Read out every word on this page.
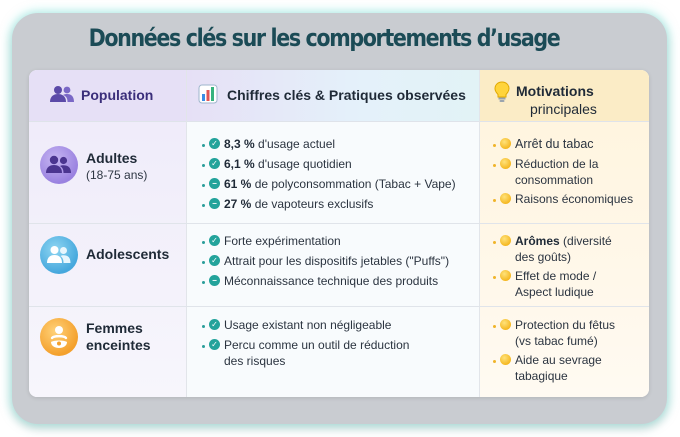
Données clés sur les comportements d’usage
Population	Chiffres clés & Pratiques observées	Motivations
principales
Adultes
(18-75 ans)
✓ 8,3 % d'usage actuel
✓ 6,1 % d'usage quotidien
− 61 % de polyconsommation (Tabac + Vape)
− 27 % de vapoteurs exclusifs
Arrêt du tabac
Réduction de la
consommation
Raisons économiques
Adolescents
✓ Forte expérimentation
✓ Attrait pour les dispositifs jetables ("Puffs")
− Méconnaissance technique des produits
Arômes (diversité
des goûts)
Effet de mode /
Aspect ludique
Femmes
enceintes
✓ Usage existant non négligeable
✓ Percu comme un outil de réduction
des risques
Protection du fêtus
(vs tabac fumé)
Aide au sevrage
tabagique
